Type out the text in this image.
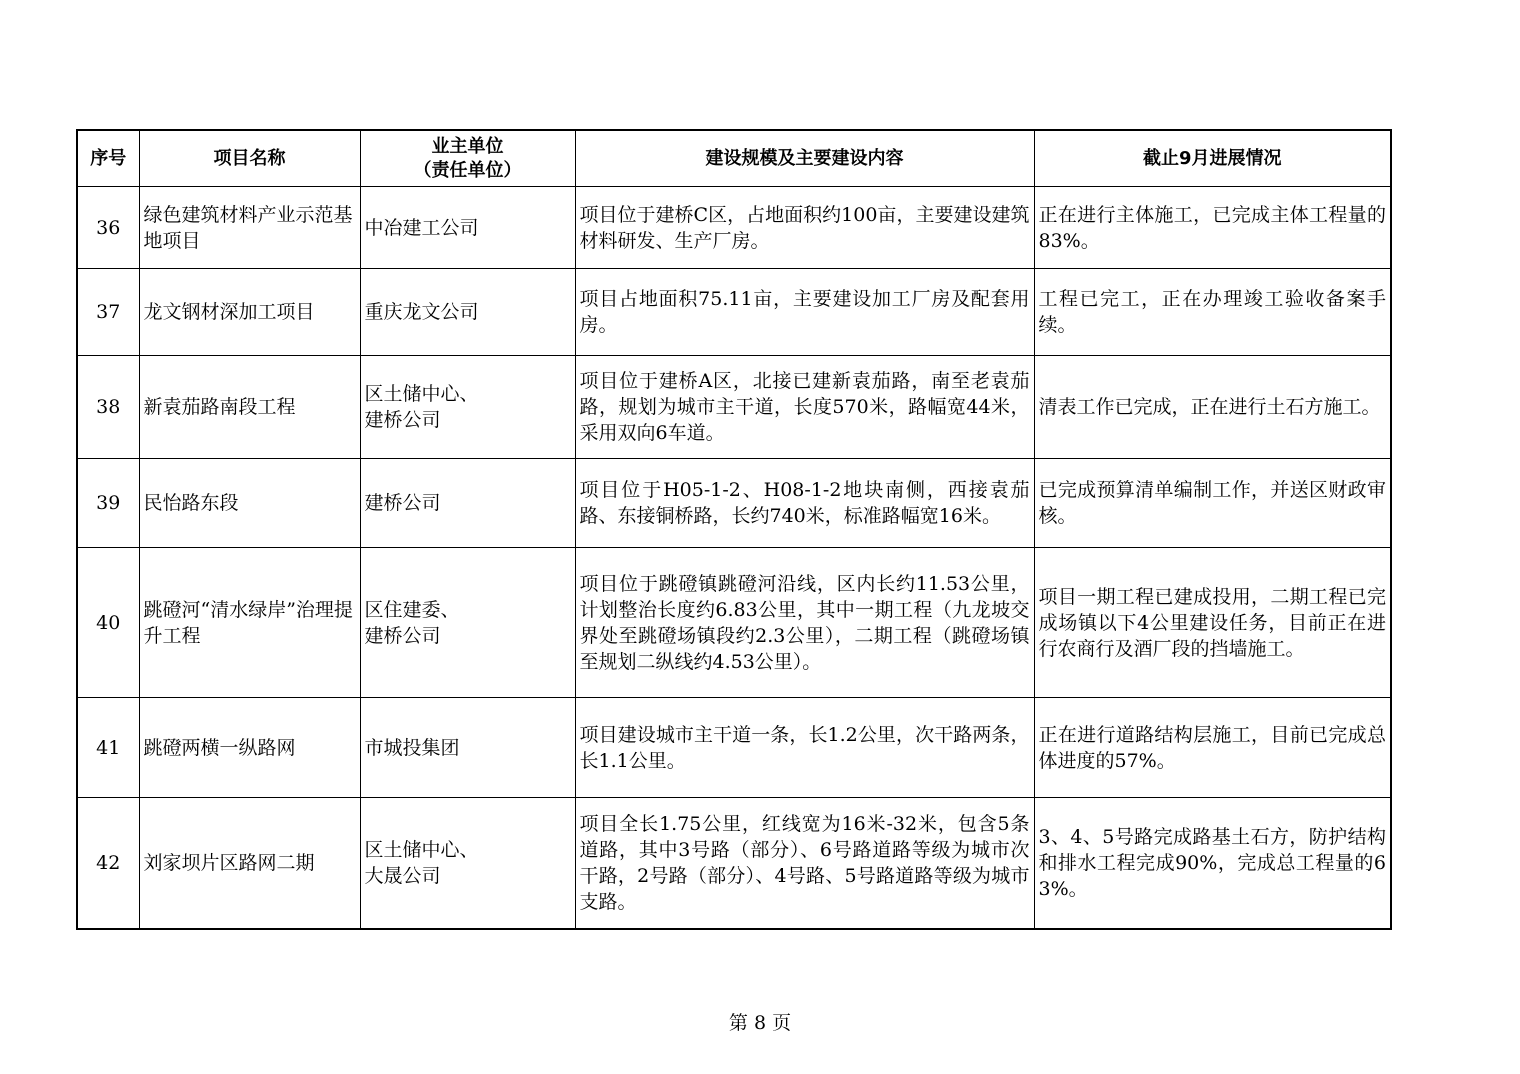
序号	项目名称	业主单位
（责任单位）	建设规模及主要建设内容	截止9月进展情况
36	绿色建筑材料产业示范基地项目	中冶建工公司	项目位于建桥C区，占地面积约100亩，主要建设建筑材料研发、生产厂房。	正在进行主体施工，已完成主体工程量的83%。
37	龙文钢材深加工项目	重庆龙文公司	项目占地面积75.11亩，主要建设加工厂房及配套用房。	工程已完工，正在办理竣工验收备案手续。
38	新袁茄路南段工程	区土储中心、
建桥公司	项目位于建桥A区，北接已建新袁茄路，南至老袁茄路，规划为城市主干道，长度570米，路幅宽44米，采用双向6车道。	清表工作已完成，正在进行土石方施工。
39	民怡路东段	建桥公司	项目位于H05-1-2、H08-1-2地块南侧，西接袁茄路、东接铜桥路，长约740米，标准路幅宽16米。	已完成预算清单编制工作，并送区财政审核。
40	跳磴河“清水绿岸”治理提升工程	区住建委、
建桥公司	项目位于跳磴镇跳磴河沿线，区内长约11.53公里，计划整治长度约6.83公里，其中一期工程（九龙坡交界处至跳磴场镇段约2.3公里），二期工程（跳磴场镇至规划二纵线约4.53公里）。	项目一期工程已建成投用，二期工程已完成场镇以下4公里建设任务，目前正在进行农商行及酒厂段的挡墙施工。
41	跳磴两横一纵路网	市城投集团	项目建设城市主干道一条，长1.2公里，次干路两条，长1.1公里。	正在进行道路结构层施工，目前已完成总体进度的57%。
42	刘家坝片区路网二期	区土储中心、
大晟公司	项目全长1.75公里，红线宽为16米-32米，包含5条道路，其中3号路（部分）、6号路道路等级为城市次干路，2号路（部分）、4号路、5号路道路等级为城市支路。	3、4、5号路完成路基土石方，防护结构和排水工程完成90%，完成总工程量的63%。
第 8 页
